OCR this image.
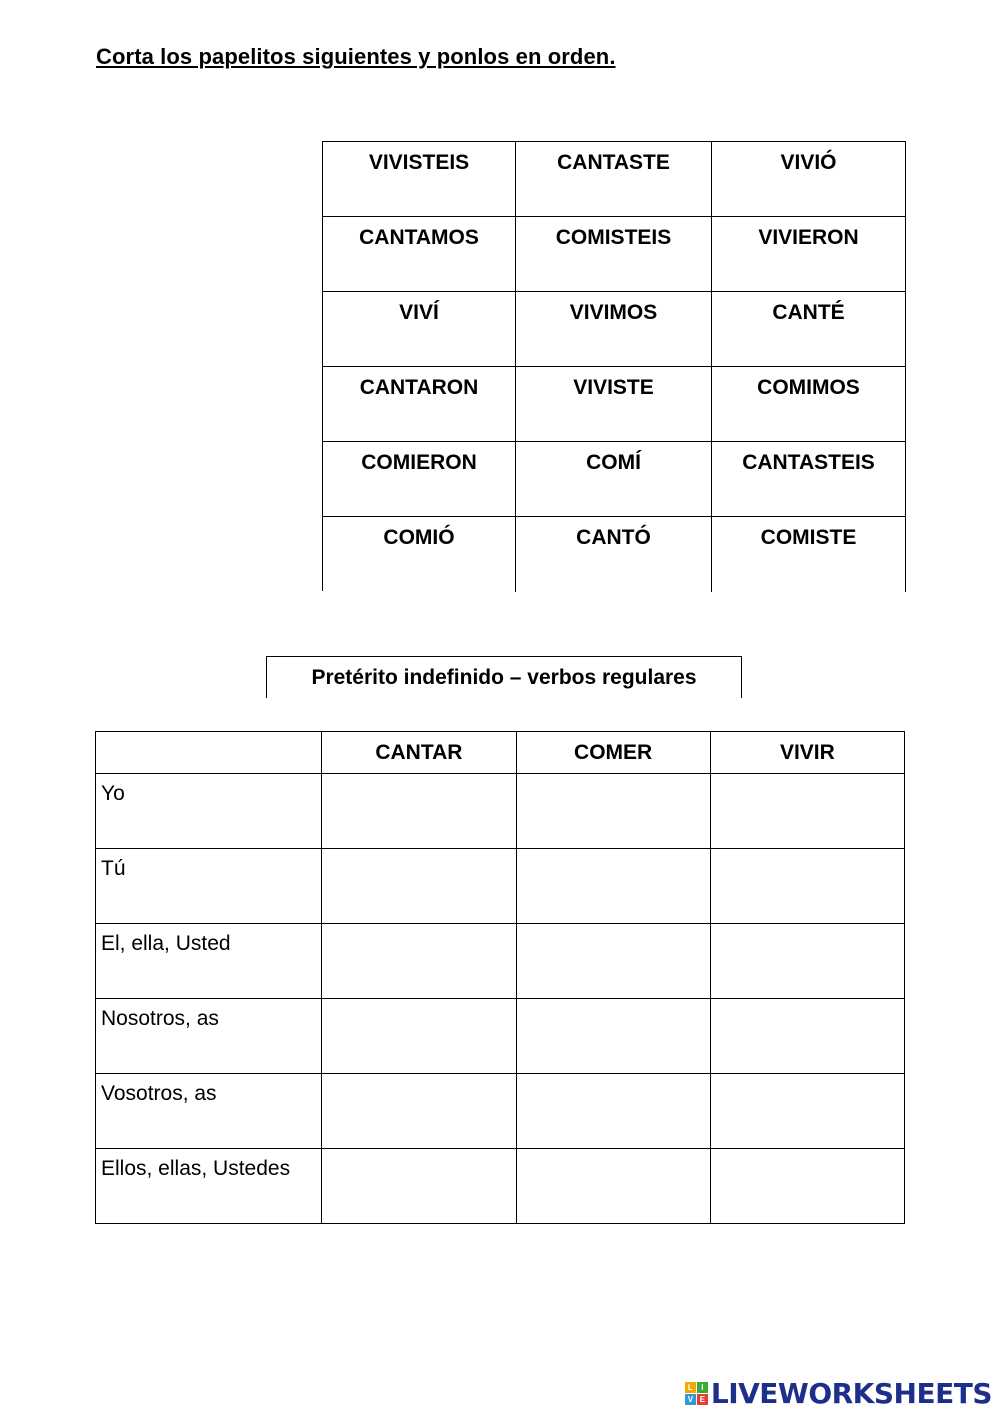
Corta los papelitos siguientes y ponlos en orden.
VIVISTEIS	CANTASTE	VIVIÓ
CANTAMOS	COMISTEIS	VIVIERON
VIVÍ	VIVIMOS	CANTÉ
CANTARON	VIVISTE	COMIMOS
COMIERON	COMÍ	CANTASTEIS
COMIÓ	CANTÓ	COMISTE
Pretérito indefinido – verbos regulares
	CANTAR	COMER	VIVIR
Yo			
Tú			
El, ella, Usted			
Nosotros, as			
Vosotros, as			
Ellos, ellas, Ustedes			
L	I
V E LIVEWORKSHEETS
